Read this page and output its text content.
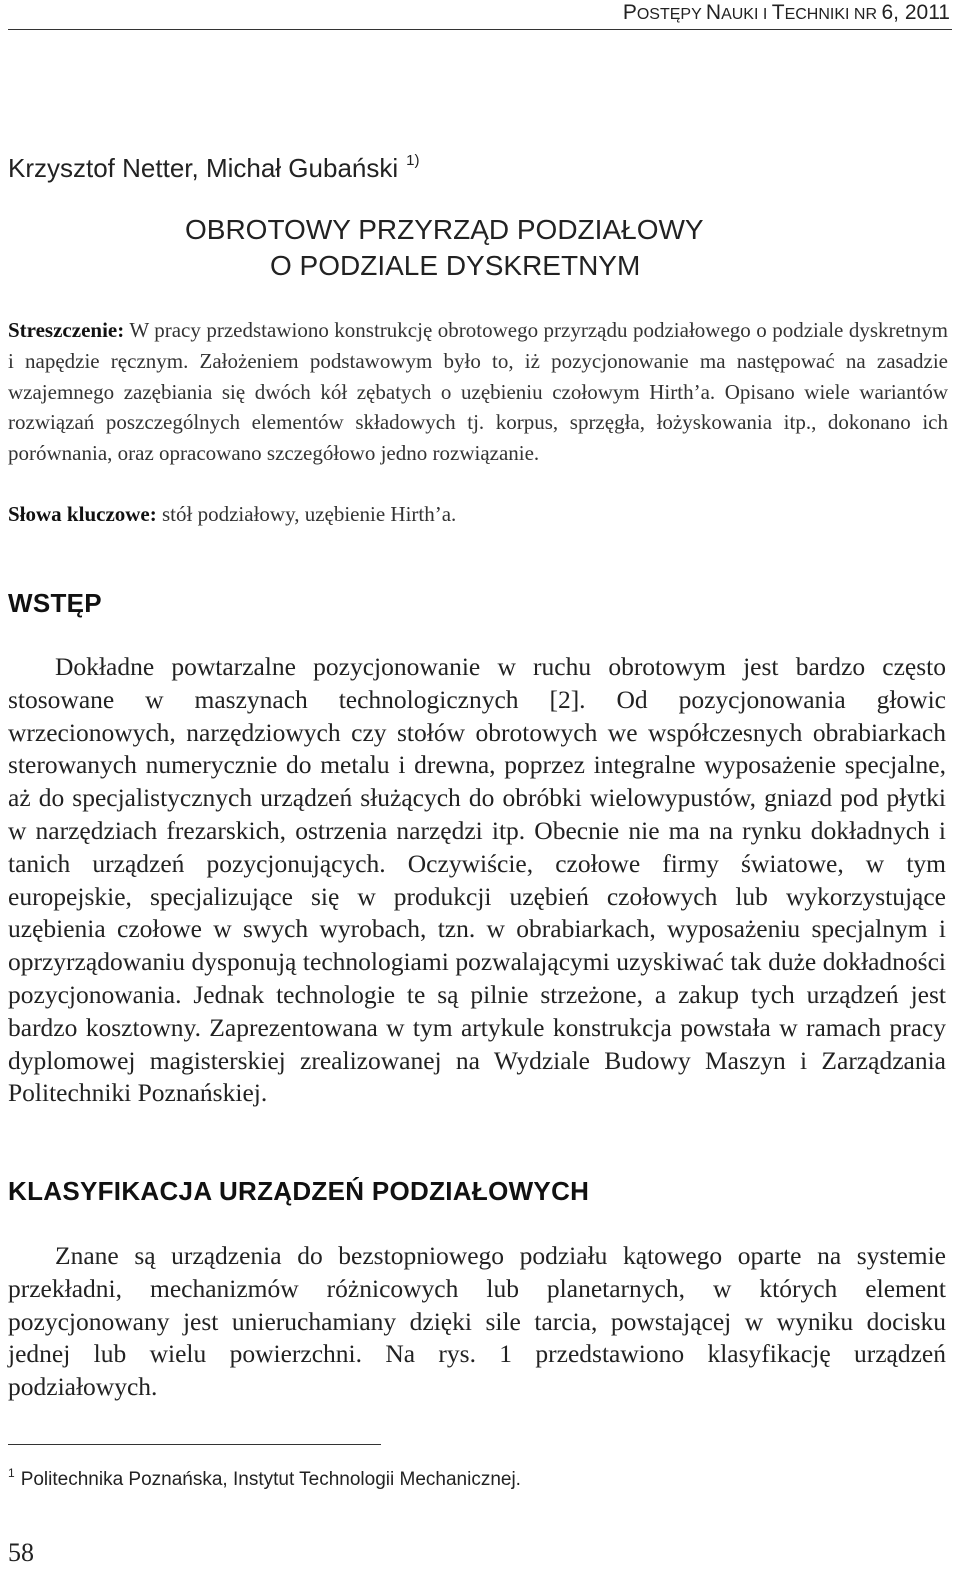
POSTĘPY NAUKI I TECHNIKI NR 6, 2011
Krzysztof Netter, Michał Gubański $^{1)}$
OBROTOWY PRZYRZĄD PODZIAŁOWY
O PODZIALE DYSKRETNYM

Streszczenie: W pracy przedstawiono konstrukcję obrotowego przyrządu podziałowego o podziale dyskretnym i napędzie ręcznym. Założeniem podstawowym było to, iż pozycjonowanie ma następować na zasadzie wzajemnego zazębiania się dwóch kół zębatych o uzębieniu czołowym Hirth’a. Opisano wiele wariantów rozwiązań poszczególnych elementów składowych tj. korpus, sprzęgła, łożyskowania itp., dokonano ich porównania, oraz opracowano szczegółowo jedno rozwiązanie.

Słowa kluczowe: stół podziałowy, uzębienie Hirth’a.

WSTĘP

Dokładne powtarzalne pozycjonowanie w ruchu obrotowym jest bardzo często stosowane w maszynach technologicznych [2]. Od pozycjonowania głowic wrzecionowych, narzędziowych czy stołów obrotowych we współczesnych obrabiarkach sterowanych numerycznie do metalu i drewna, poprzez integralne wyposażenie specjalne, aż do specjalistycznych urządzeń służących do obróbki wielowypustów, gniazd pod płytki w narzędziach frezarskich, ostrzenia narzędzi itp. Obecnie nie ma na rynku dokładnych i tanich urządzeń pozycjonujących. Oczywiście, czołowe firmy światowe, w tym europejskie, specjalizujące się w produkcji uzębień czołowych lub wykorzystujące uzębienia czołowe w swych wyrobach, tzn. w obrabiarkach, wyposażeniu specjalnym i oprzyrządowaniu dysponują technologiami pozwalającymi uzyskiwać tak duże dokładności pozycjonowania. Jednak technologie te są pilnie strzeżone, a zakup tych urządzeń jest bardzo kosztowny. Zaprezentowana w tym artykule konstrukcja powstała w ramach pracy dyplomowej magisterskiej zrealizowanej na Wydziale Budowy Maszyn i Zarządzania Politechniki Poznańskiej.

KLASYFIKACJA URZĄDZEŃ PODZIAŁOWYCH

Znane są urządzenia do bezstopniowego podziału kątowego oparte na systemie przekładni, mechanizmów różnicowych lub planetarnych, w których element pozycjonowany jest unieruchamiany dzięki sile tarcia, powstającej w wyniku docisku jednej lub wielu powierzchni. Na rys. 1 przedstawiono klasyfikację urządzeń podziałowych.

$^1$ Politechnika Poznańska, Instytut Technologii Mechanicznej.
58
